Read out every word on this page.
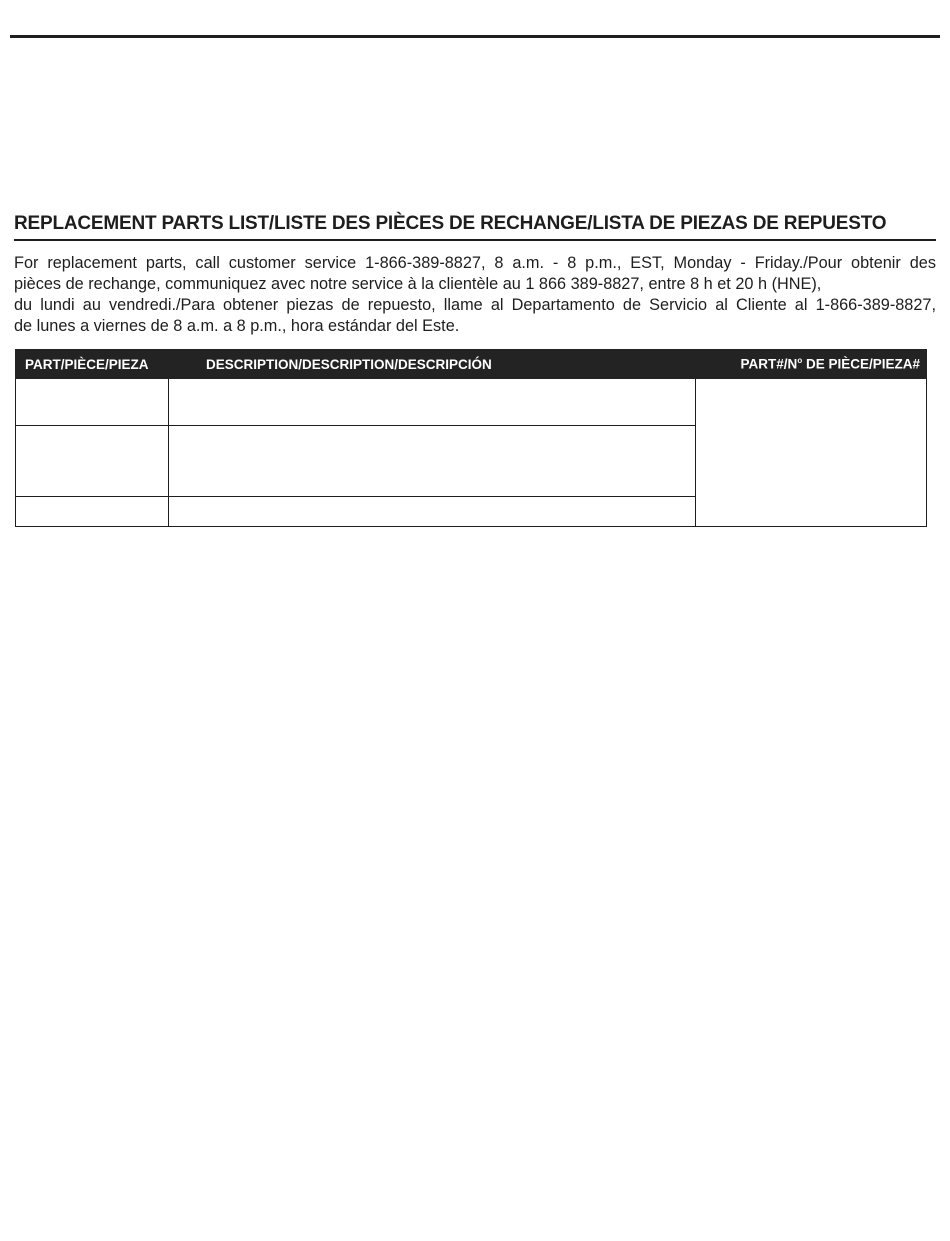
REPLACEMENT PARTS LIST/LISTE DES PIÈCES DE RECHANGE/LISTA DE PIEZAS DE REPUESTO

For replacement parts, call customer service 1-866-389-8827, 8 a.m. - 8 p.m., EST, Monday - Friday./Pour obtenir des
pièces de rechange, communiquez avec notre service à la clientèle au 1 866 389-8827, entre 8 h et 20 h (HNE),
du lundi au vendredi./Para obtener piezas de repuesto, llame al Departamento de Servicio al Cliente al 1-866-389-8827,
de lunes a viernes de 8 a.m. a 8 p.m., hora estándar del Este.

PART/PIÈCE/PIEZA	DESCRIPTION/DESCRIPTION/DESCRIPCIÓN	$PART\#/N^o$ DE PIÈCE/PIEZA#
